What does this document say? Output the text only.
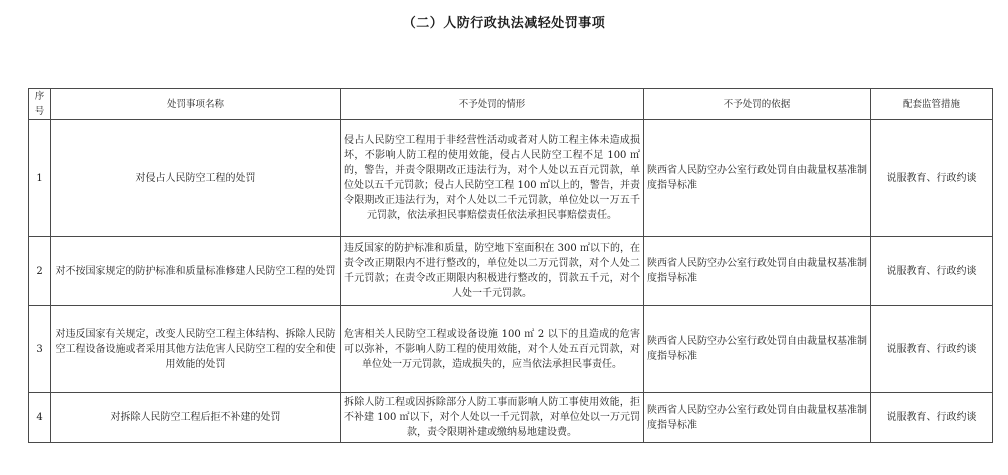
（二）人防行政执法减轻处罚事项
序号	处罚事项名称	不予处罚的情形	不予处罚的依据	配套监管措施
1	对侵占人民防空工程的处罚	侵占人民防空工程用于非经营性活动或者对人防工程主体未造成损坏，不影响人防工程的使用效能，侵占人民防空工程不足 100 ㎡的，警告，并责令限期改正违法行为，对个人处以五百元罚款，单位处以五千元罚款；侵占人民防空工程 100 ㎡以上的，警告，并责令限期改正违法行为，对个人处以二千元罚款，单位处以一万五千元罚款，依法承担民事赔偿责任依法承担民事赔偿责任。	陕西省人民防空办公室行政处罚自由裁量权基准制度指导标准	说服教育、行政约谈
2	对不按国家规定的防护标准和质量标准修建人民防空工程的处罚	违反国家的防护标准和质量，防空地下室面积在 300 ㎡以下的，在责令改正期限内不进行整改的，单位处以二万元罚款，对个人处二千元罚款；在责令改正期限内积极进行整改的，罚款五千元，对个人处一千元罚款。	陕西省人民防空办公室行政处罚自由裁量权基准制度指导标准	说服教育、行政约谈
3	对违反国家有关规定，改变人民防空工程主体结构、拆除人民防空工程设备设施或者采用其他方法危害人民防空工程的安全和使用效能的处罚	危害相关人民防空工程或设备设施 100 ㎡ 2 以下的且造成的危害可以弥补，不影响人防工程的使用效能，对个人处五百元罚款，对单位处一万元罚款，造成损失的，应当依法承担民事责任。	陕西省人民防空办公室行政处罚自由裁量权基准制度指导标准	说服教育、行政约谈
4	对拆除人民防空工程后拒不补建的处罚	拆除人防工程或因拆除部分人防工事而影响人防工事使用效能，拒不补建 100 ㎡以下，对个人处以一千元罚款，对单位处以一万元罚款，责令限期补建或缴纳易地建设费。	陕西省人民防空办公室行政处罚自由裁量权基准制度指导标准	说服教育、行政约谈
